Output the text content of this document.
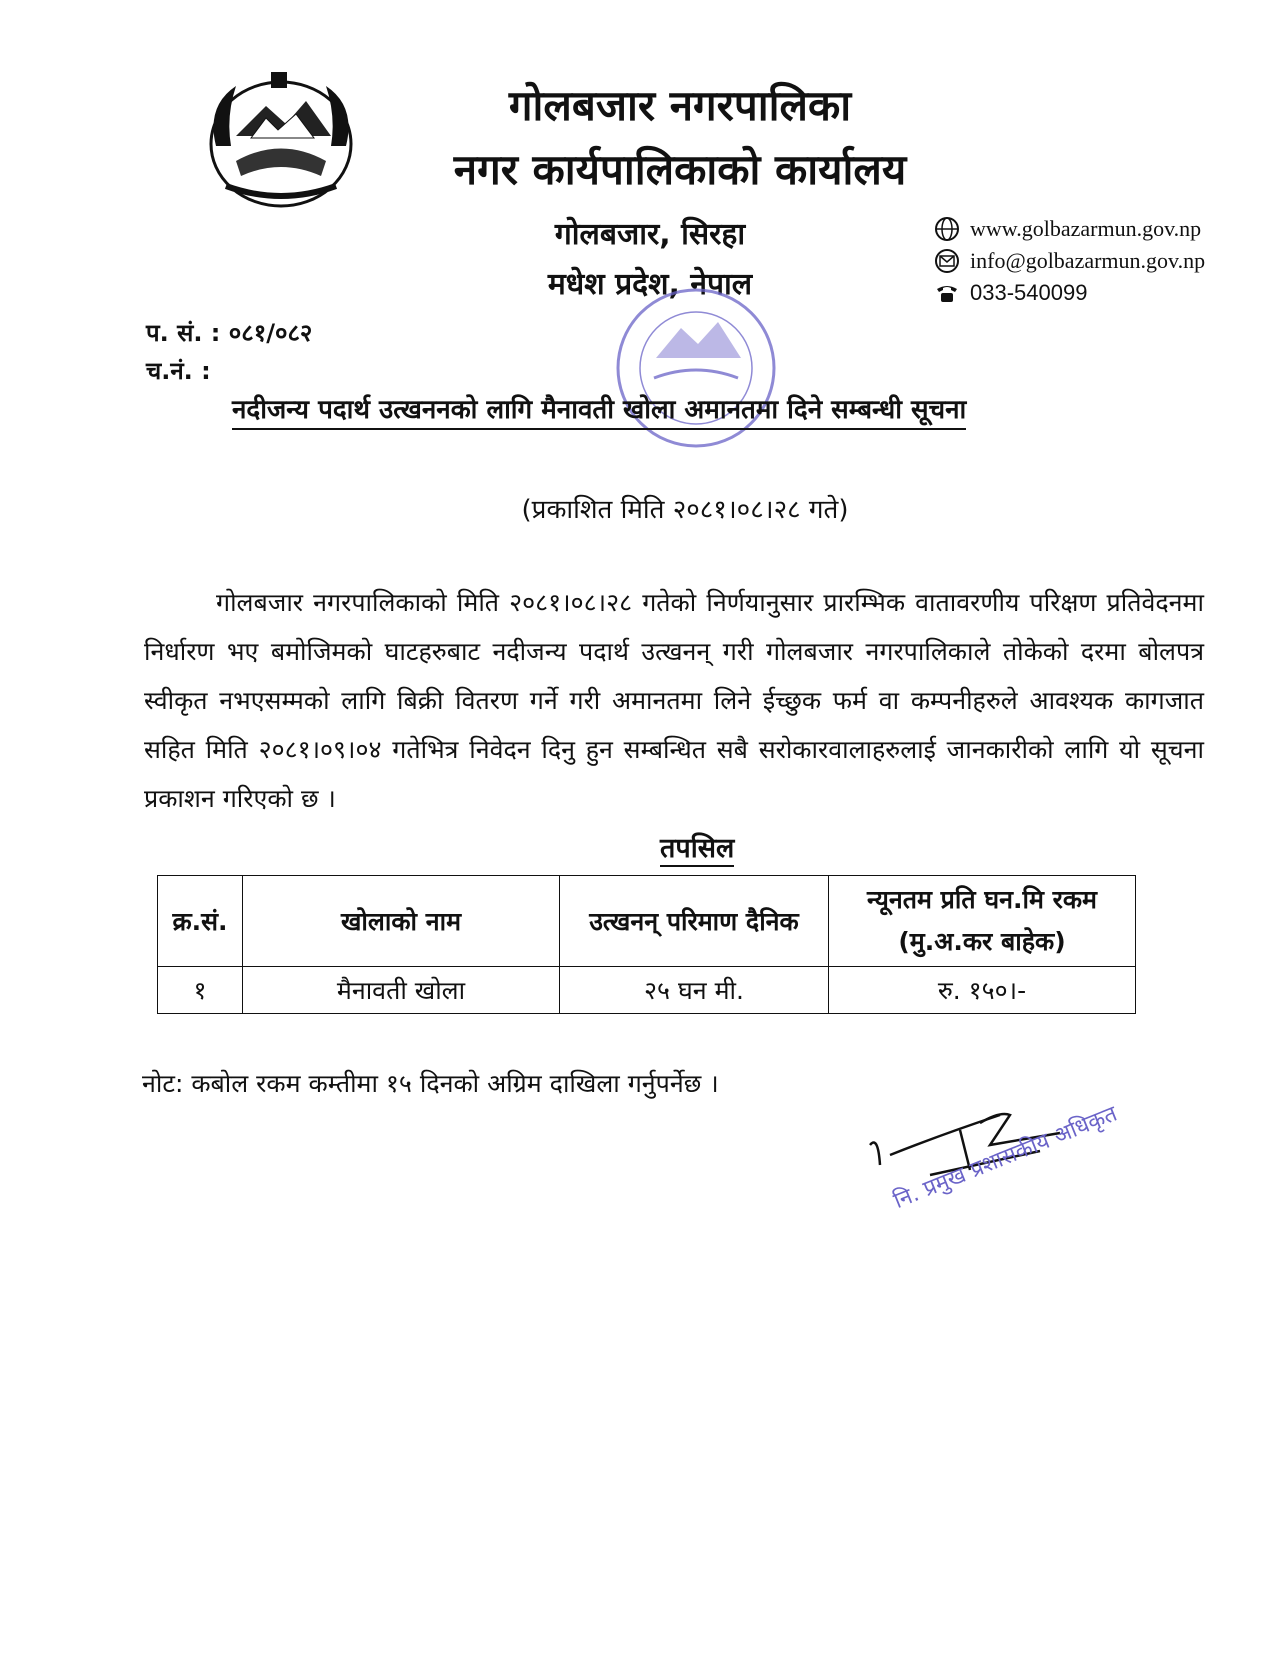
गोलबजार नगरपालिका
नगर कार्यपालिकाको कार्यालय
गोलबजार, सिरहा
मधेश प्रदेश, नेपाल
www.golbazarmun.gov.np
info@golbazarmun.gov.np
033-540099
प. सं. : ०८१/०८२
च.नं. :
नदीजन्य पदार्थ उत्खननको लागि मैनावती खोला अमानतमा दिने सम्बन्धी सूचना
(प्रकाशित मिति २०८१।०८।२८ गते)

गोलबजार नगरपालिकाको मिति २०८१।०८।२८ गतेको निर्णयानुसार प्रारम्भिक वातावरणीय परिक्षण प्रतिवेदनमा निर्धारण भए बमोजिमको घाटहरुबाट नदीजन्य पदार्थ उत्खनन् गरी गोलबजार नगरपालिकाले तोकेको दरमा बोलपत्र स्वीकृत नभएसम्मको लागि बिक्री वितरण गर्ने गरी अमानतमा लिने ईच्छुक फर्म वा कम्पनीहरुले आवश्यक कागजात सहित मिति २०८१।०९।०४ गतेभित्र निवेदन दिनु हुन सम्बन्धित सबै सरोकारवालाहरुलाई जानकारीको लागि यो सूचना प्रकाशन गरिएको छ ।

तपसिल
क्र.सं.	खोलाको नाम	उत्खनन् परिमाण दैनिक	न्यूनतम प्रति घन.मि रकम (मु.अ.कर बाहेक)
१	मैनावती खोला	२५ घन मी.	रु. १५०।-
नोट: कबोल रकम कम्तीमा १५ दिनको अग्रिम दाखिला गर्नुपर्नेछ ।
नि. प्रमुख प्रशासकीय अधिकृत
